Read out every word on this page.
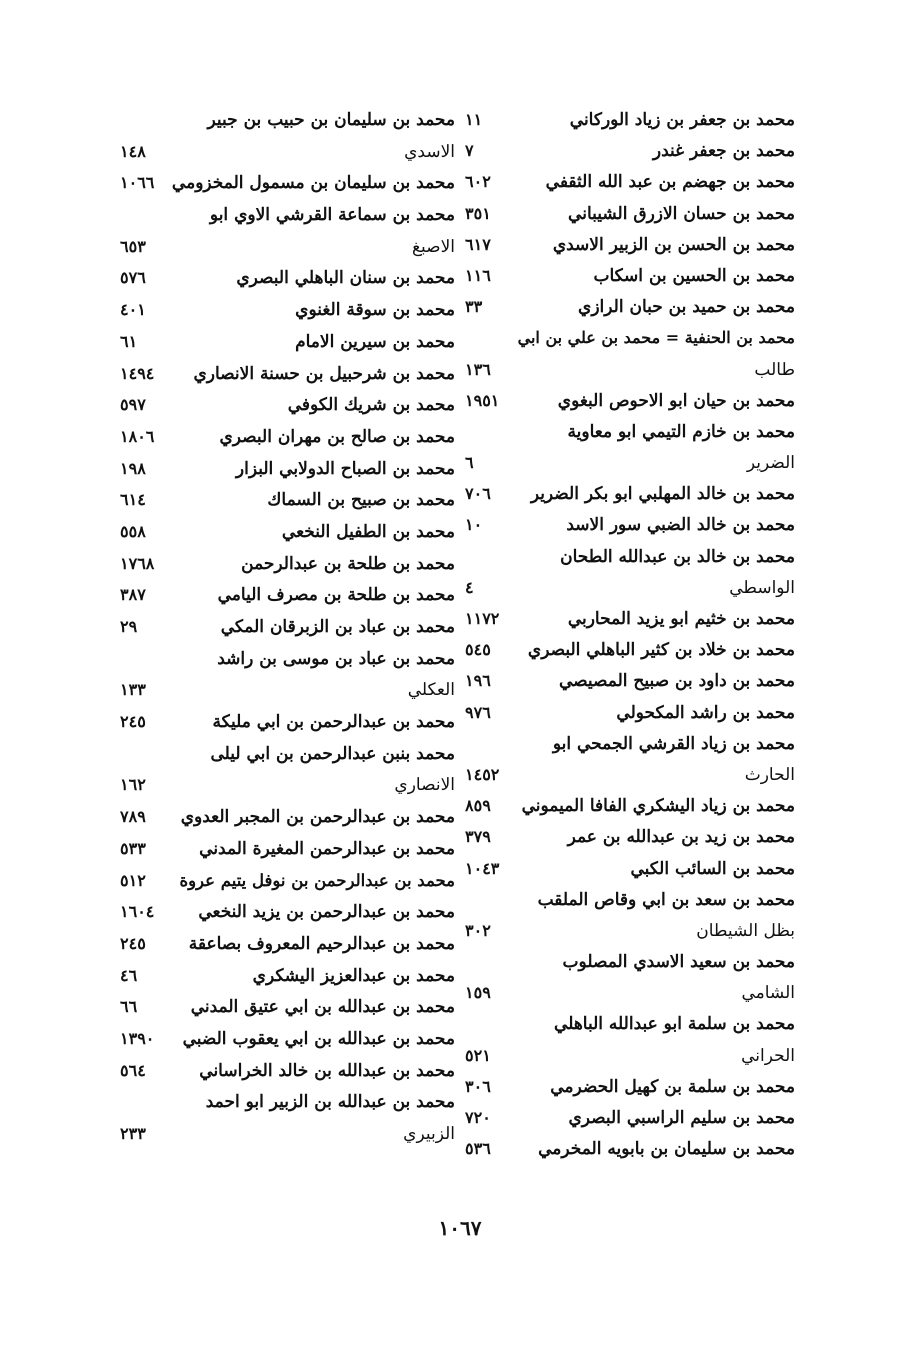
محمد بن جعفر بن زياد الوركاني
١١
محمد بن جعفر غندر
٧
محمد بن جهضم بن عبد الله الثقفي
٦٠٢
محمد بن حسان الازرق الشيباني
٣٥١
محمد بن الحسن بن الزبير الاسدي
٦١٧
محمد بن الحسين بن اسكاب
١١٦
محمد بن حميد بن حبان الرازي
٣٣
محمد بن الحنفية = محمد بن علي بن ابي
طالب
١٣٦
محمد بن حيان ابو الاحوص البغوي
١٩٥١
محمد بن خازم التيمي ابو معاوية
الضرير
٦
محمد بن خالد المهلبي ابو بكر الضرير
٧٠٦
محمد بن خالد الضبي سور الاسد
١٠
محمد بن خالد بن عبدالله الطحان
الواسطي
٤
محمد بن خثيم ابو يزيد المحاربي
١١٧٢
محمد بن خلاد بن كثير الباهلي البصري
٥٤٥
محمد بن داود بن صبيح المصيصي
١٩٦
محمد بن راشد المكحولي
٩٧٦
محمد بن زياد القرشي الجمحي ابو
الحارث
١٤٥٢
محمد بن زياد اليشكري الفافا الميموني
٨٥٩
محمد بن زيد بن عبدالله بن عمر
٣٧٩
محمد بن السائب الكبي
١٠٤٣
محمد بن سعد بن ابي وقاص الملقب
بظل الشيطان
٣٠٢
محمد بن سعيد الاسدي المصلوب
الشامي
١٥٩
محمد بن سلمة ابو عبدالله الباهلي
الحراني
٥٢١
محمد بن سلمة بن كهيل الحضرمي
٣٠٦
محمد بن سليم الراسبي البصري
٧٢٠
محمد بن سليمان بن بابويه المخرمي
٥٣٦
محمد بن سليمان بن حبيب بن جبير
الاسدي
١٤٨
محمد بن سليمان بن مسمول المخزومي
١٠٦٦
محمد بن سماعة القرشي الاوي ابو
الاصبغ
٦٥٣
محمد بن سنان الباهلي البصري
٥٧٦
محمد بن سوقة الغنوي
٤٠١
محمد بن سيرين الامام
٦١
محمد بن شرحبيل بن حسنة الانصاري
١٤٩٤
محمد بن شريك الكوفي
٥٩٧
محمد بن صالح بن مهران البصري
١٨٠٦
محمد بن الصباح الدولابي البزار
١٩٨
محمد بن صبيح بن السماك
٦١٤
محمد بن الطفيل النخعي
٥٥٨
محمد بن طلحة بن عبدالرحمن
١٧٦٨
محمد بن طلحة بن مصرف اليامي
٣٨٧
محمد بن عباد بن الزبرقان المكي
٢٩
محمد بن عباد بن موسى بن راشد
العكلي
١٣٣
محمد بن عبدالرحمن بن ابي مليكة
٢٤٥
محمد بنبن عبدالرحمن بن ابي ليلى
الانصاري
١٦٢
محمد بن عبدالرحمن بن المجبر العدوي
٧٨٩
محمد بن عبدالرحمن المغيرة المدني
٥٣٣
محمد بن عبدالرحمن بن نوفل يتيم عروة
٥١٢
محمد بن عبدالرحمن بن يزيد النخعي
١٦٠٤
محمد بن عبدالرحيم المعروف بصاعقة
٢٤٥
محمد بن عبدالعزيز اليشكري
٤٦
محمد بن عبدالله بن ابي عتيق المدني
٦٦
محمد بن عبدالله بن ابي يعقوب الضبي
١٣٩٠
محمد بن عبدالله بن خالد الخراساني
٥٦٤
محمد بن عبدالله بن الزبير ابو احمد
الزبيري
٢٣٣
١٠٦٧
